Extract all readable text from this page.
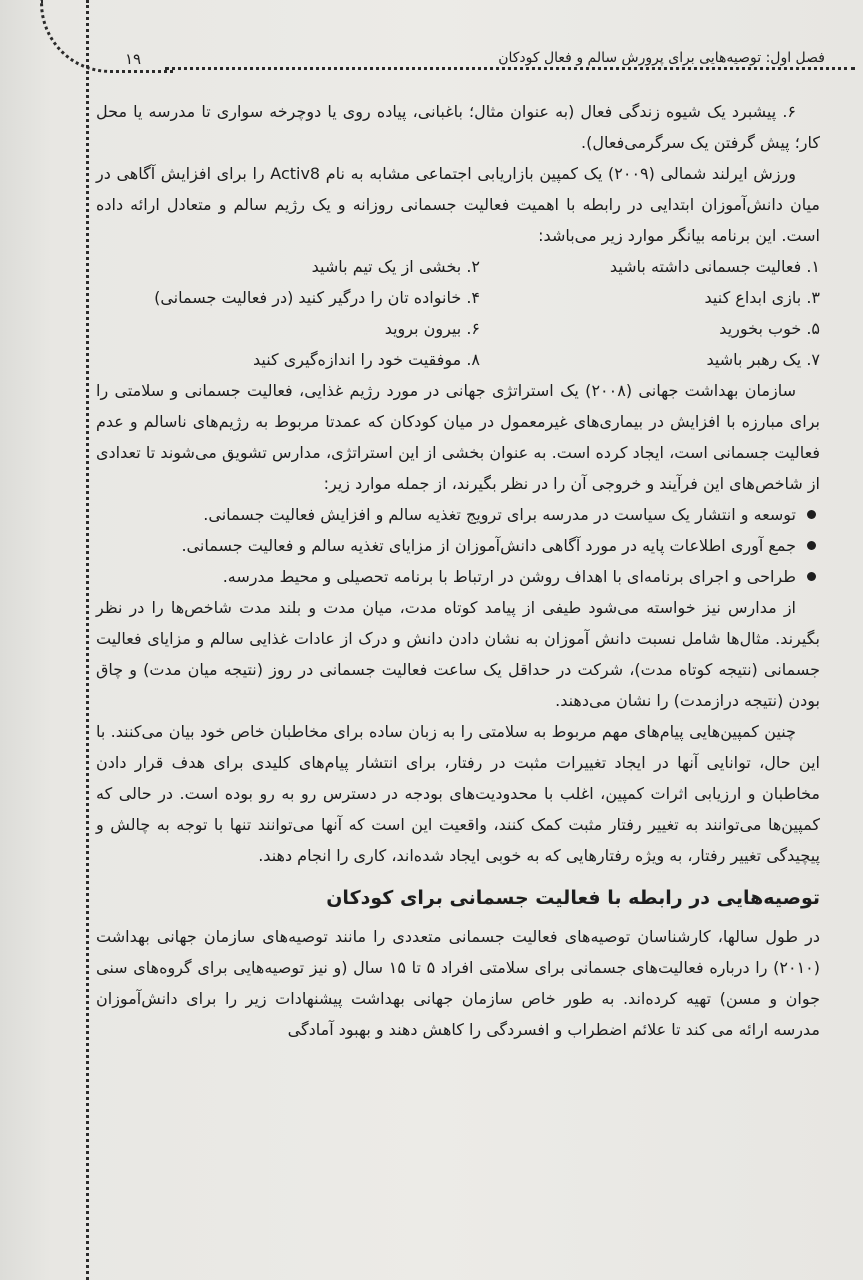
فصل اول: توصیه‌هایی برای پرورش سالم و فعال کودکان
۱۹

۶. پیشبرد یک شیوه زندگی فعال (به عنوان مثال؛ باغبانی، پیاده روی یا دوچرخه سواری تا مدرسه یا محل کار؛ پیش گرفتن یک سرگرمی‌فعال).

ورزش ایرلند شمالی (۲۰۰۹) یک کمپین بازاریابی اجتماعی مشابه به نام Activ8 را برای افزایش آگاهی در میان دانش‌آموزان ابتدایی در رابطه با اهمیت فعالیت جسمانی روزانه و یک رژیم سالم و متعادل ارائه داده است. این برنامه بیانگر موارد زیر می‌باشد:

۱. فعالیت جسمانی داشته باشید
۲. بخشی از یک تیم باشید
۳. بازی ابداع کنید
۴. خانواده تان را درگیر کنید (در فعالیت جسمانی)
۵. خوب بخورید
۶. بیرون بروید
۷. یک رهبر باشید
۸. موفقیت خود را اندازه‌گیری کنید

سازمان بهداشت جهانی (۲۰۰۸) یک استراتژی جهانی در مورد رژیم غذایی، فعالیت جسمانی و سلامتی را برای مبارزه با افزایش در بیماری‌های غیرمعمول در میان کودکان که عمدتا مربوط به رژیم‌های ناسالم و عدم فعالیت جسمانی است، ایجاد کرده است. به عنوان بخشی از این استراتژی، مدارس تشویق می‌شوند تا تعدادی از شاخص‌های این فرآیند و خروجی آن را در نظر بگیرند، از جمله موارد زیر:

توسعه و انتشار یک سیاست در مدرسه برای ترویج تغذیه سالم و افزایش فعالیت جسمانی.
جمع آوری اطلاعات پایه در مورد آگاهی دانش‌آموزان از مزایای تغذیه سالم و فعالیت جسمانی.
طراحی و اجرای برنامه‌ای با اهداف روشن در ارتباط با برنامه تحصیلی و محیط مدرسه.

از مدارس نیز خواسته می‌شود طیفی از پیامد کوتاه مدت، میان مدت و بلند مدت شاخص‌ها را در نظر بگیرند. مثال‌ها شامل نسبت دانش آموزان به نشان دادن دانش و درک از عادات غذایی سالم و مزایای فعالیت جسمانی (نتیجه کوتاه مدت)، شرکت در حداقل یک ساعت فعالیت جسمانی در روز (نتیجه میان مدت) و چاق بودن (نتیجه درازمدت) را نشان می‌دهند.

چنین کمپین‌هایی پیام‌های مهم مربوط به سلامتی را به زبان ساده برای مخاطبان خاص خود بیان می‌کنند. با این حال، توانایی آنها در ایجاد تغییرات مثبت در رفتار، برای انتشار پیام‌های کلیدی برای هدف قرار دادن مخاطبان و ارزیابی اثرات کمپین، اغلب با محدودیت‌های بودجه در دسترس رو به رو بوده است. در حالی که کمپین‌ها می‌توانند به تغییر رفتار مثبت کمک کنند، واقعیت این است که آنها می‌توانند تنها با توجه به چالش و پیچیدگی تغییر رفتار، به ویژه رفتارهایی که به خوبی ایجاد شده‌اند، کاری را انجام دهند.

توصیه‌هایی در رابطه با فعالیت جسمانی برای کودکان

در طول سالها، کارشناسان توصیه‌های فعالیت جسمانی متعددی را مانند توصیه‌های سازمان جهانی بهداشت (۲۰۱۰) را درباره فعالیت‌های جسمانی برای سلامتی افراد ۵ تا ۱۵ سال (و نیز توصیه‌هایی برای گروه‌های سنی جوان و مسن) تهیه کرده‌اند. به طور خاص سازمان جهانی بهداشت پیشنهادات زیر را برای دانش‌آموزان مدرسه ارائه می کند تا علائم اضطراب و افسردگی را کاهش دهند و بهبود آمادگی
